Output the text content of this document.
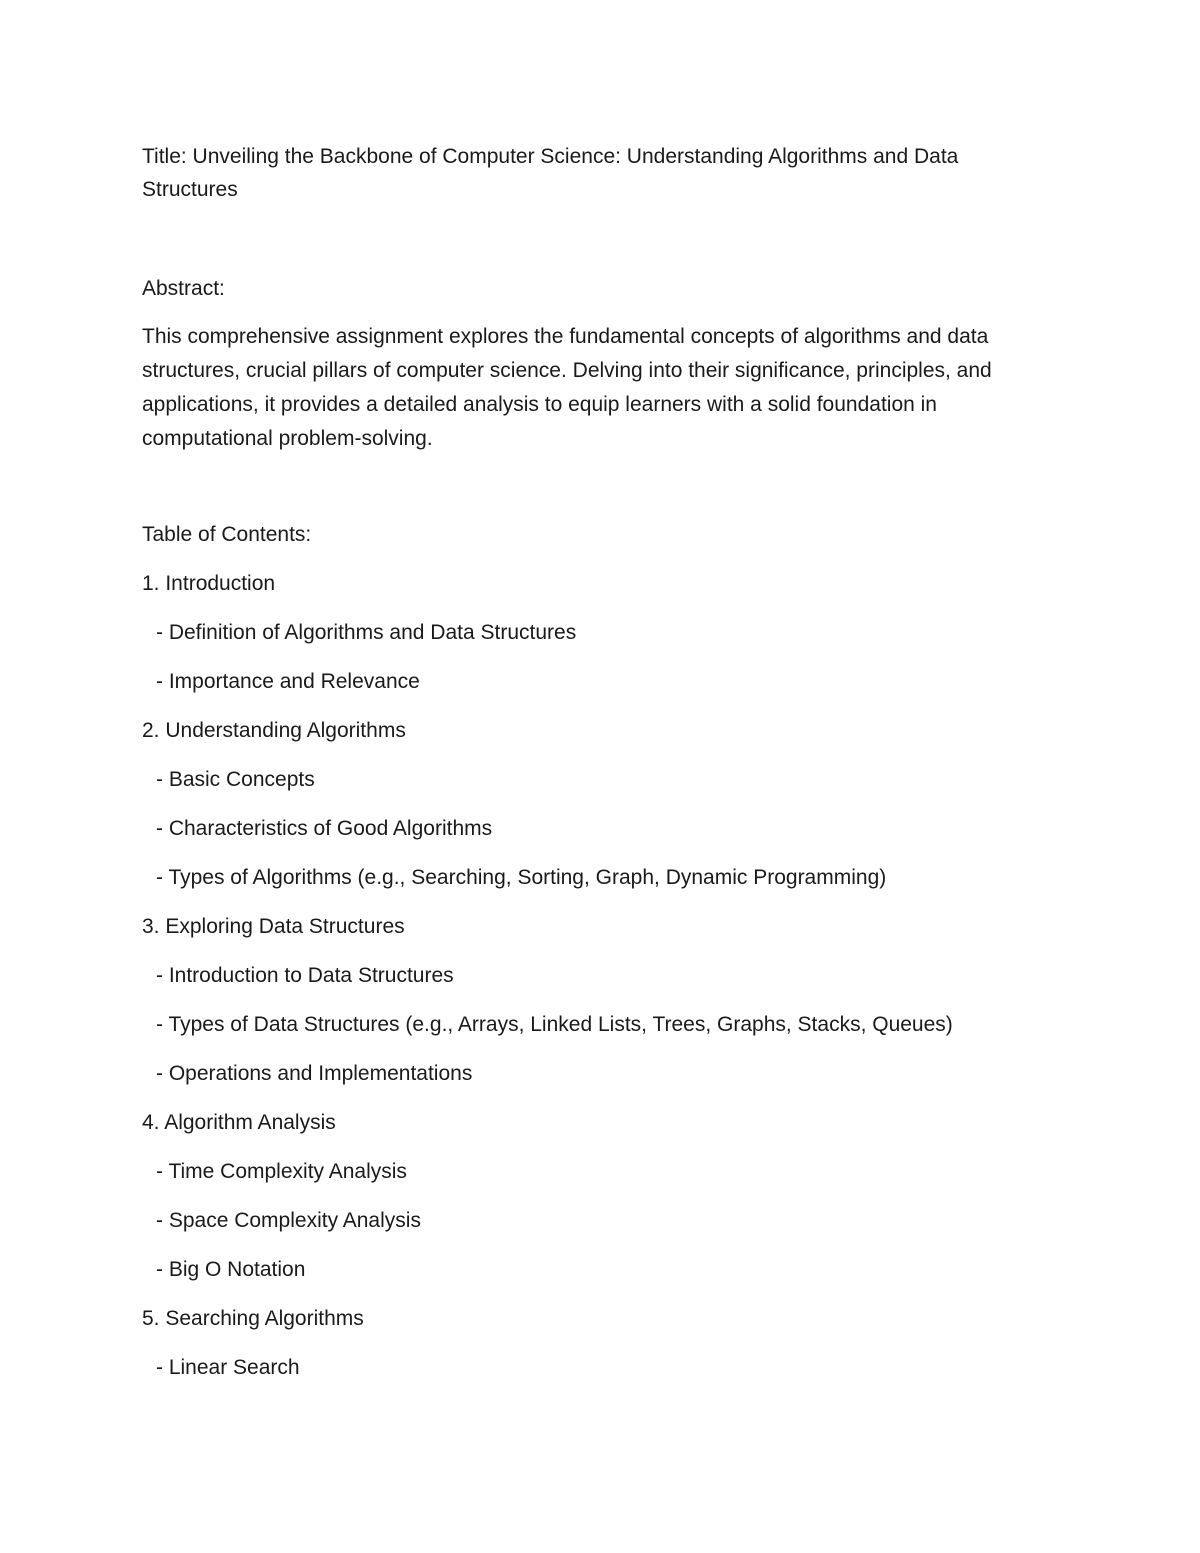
Title: Unveiling the Backbone of Computer Science: Understanding Algorithms and Data Structures

Abstract:

This comprehensive assignment explores the fundamental concepts of algorithms and data structures, crucial pillars of computer science. Delving into their significance, principles, and applications, it provides a detailed analysis to equip learners with a solid foundation in computational problem-solving.

Table of Contents:

1. Introduction
- Definition of Algorithms and Data Structures
- Importance and Relevance
2. Understanding Algorithms
- Basic Concepts
- Characteristics of Good Algorithms
- Types of Algorithms (e.g., Searching, Sorting, Graph, Dynamic Programming)
3. Exploring Data Structures
- Introduction to Data Structures
- Types of Data Structures (e.g., Arrays, Linked Lists, Trees, Graphs, Stacks, Queues)
- Operations and Implementations
4. Algorithm Analysis
- Time Complexity Analysis
- Space Complexity Analysis
- Big O Notation
5. Searching Algorithms
- Linear Search
